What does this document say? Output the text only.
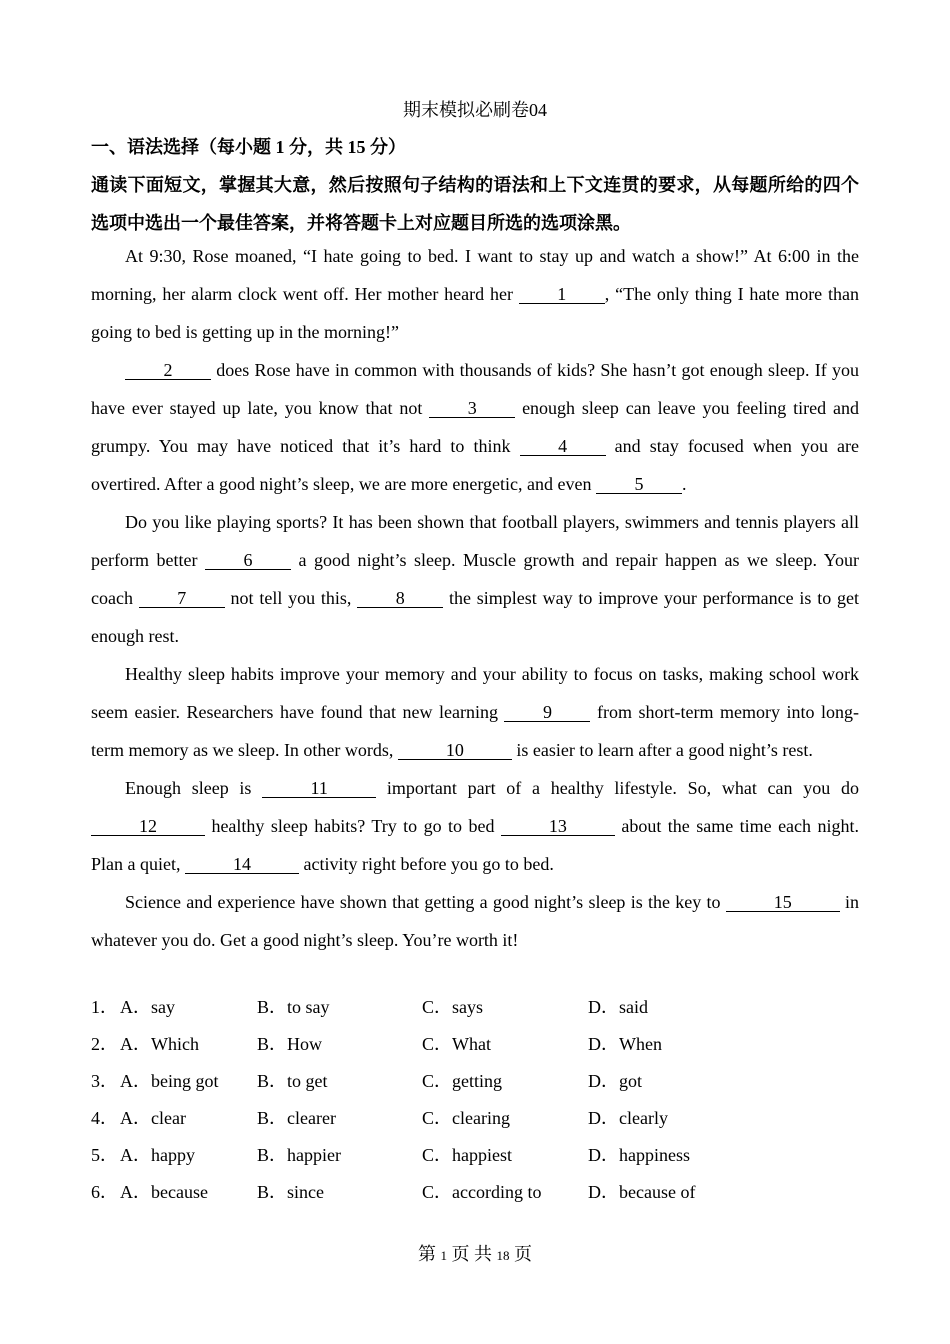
期末模拟必刷卷04
一、语法选择（每小题 1 分，共 15 分）
通读下面短文，掌握其大意，然后按照句子结构的语法和上下文连贯的要求，从每题所给的四个选项中选出一个最佳答案，并将答题卡上对应题目所选的选项涂黑。

At 9:30, Rose moaned, “I hate going to bed. I want to stay up and watch a show!” At 6:00 in the morning, her alarm clock went off. Her mother heard her 1 , “The only thing I hate more than going to bed is getting up in the morning!”

2 does Rose have in common with thousands of kids? She hasn’t got enough sleep. If you have ever stayed up late, you know that not 3 enough sleep can leave you feeling tired and grumpy. You may have noticed that it’s hard to think 4 and stay focused when you are overtired. After a good night’s sleep, we are more energetic, and even 5 .

Do you like playing sports? It has been shown that football players, swimmers and tennis players all perform better 6 a good night’s sleep. Muscle growth and repair happen as we sleep. Your coach 7 not tell you this, 8 the simplest way to improve your performance is to get enough rest.

Healthy sleep habits improve your memory and your ability to focus on tasks, making school work seem easier. Researchers have found that new learning 9 from short-term memory into long-term memory as we sleep. In other words,	10	is easier to learn after a good night’s rest.

Enough sleep is	11	important part of a healthy lifestyle. So, what can you do 12	healthy sleep habits? Try to go to bed	13	about the same time each night. Plan a quiet,	14	activity right before you go to bed.

Science and experience have shown that getting a good night’s sleep is the key to	15	in whatever you do. Get a good night’s sleep. You’re worth it!

1． A．say	B．to say	C．says	D．said
2． A．Which	B．How	C．What	D．When
3． A．being got B．to get	C．getting	D．got
4． A．clear	B．clearer	C．clearing	D．clearly
5． A．happy	B．happier	C．happiest	D．happiness
6． A．because	B．since	C．according to	D．because of
第 1 页 共 18 页
